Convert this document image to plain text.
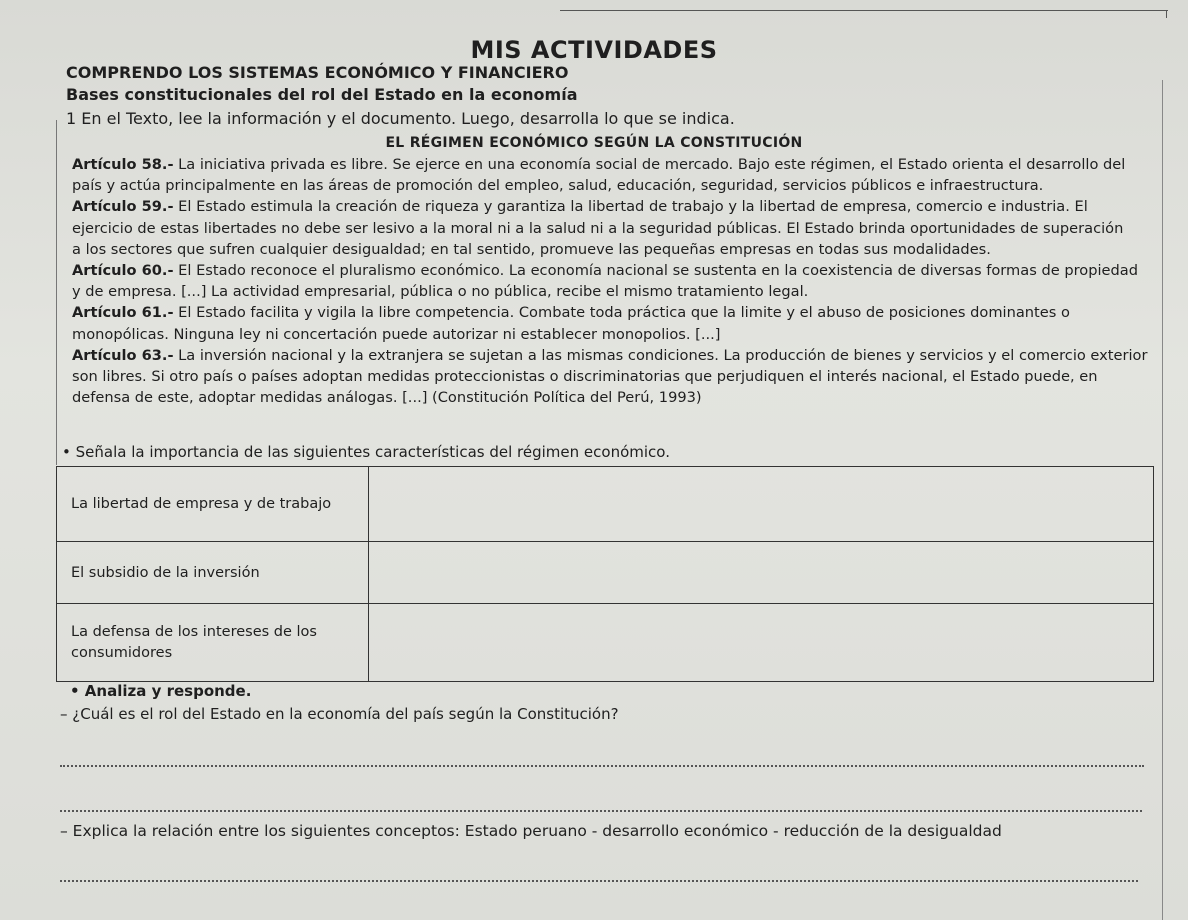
MIS ACTIVIDADES
COMPRENDO LOS SISTEMAS ECONÓMICO Y FINANCIERO
Bases constitucionales del rol del Estado en la economía
1 En el Texto, lee la información y el documento. Luego, desarrolla lo que se indica.
EL RÉGIMEN ECONÓMICO SEGÚN LA CONSTITUCIÓN

Artículo 58.- La iniciativa privada es libre. Se ejerce en una economía social de mercado. Bajo este régimen, el Estado orienta el desarrollo del

país y actúa principalmente en las áreas de promoción del empleo, salud, educación, seguridad, servicios públicos e infraestructura.

Artículo 59.- El Estado estimula la creación de riqueza y garantiza la libertad de trabajo y la libertad de empresa, comercio e industria. El

ejercicio de estas libertades no debe ser lesivo a la moral ni a la salud ni a la seguridad públicas. El Estado brinda oportunidades de superación

a los sectores que sufren cualquier desigualdad; en tal sentido, promueve las pequeñas empresas en todas sus modalidades.

Artículo 60.- El Estado reconoce el pluralismo económico. La economía nacional se sustenta en la coexistencia de diversas formas de propiedad

y de empresa. [...] La actividad empresarial, pública o no pública, recibe el mismo tratamiento legal.

Artículo 61.- El Estado facilita y vigila la libre competencia. Combate toda práctica que la limite y el abuso de posiciones dominantes o

monopólicas. Ninguna ley ni concertación puede autorizar ni establecer monopolios. [...]

Artículo 63.- La inversión nacional y la extranjera se sujetan a las mismas condiciones. La producción de bienes y servicios y el comercio exterior

son libres. Si otro país o países adoptan medidas proteccionistas o discriminatorias que perjudiquen el interés nacional, el Estado puede, en

defensa de este, adoptar medidas análogas. [...] (Constitución Política del Perú, 1993)

• Señala la importancia de las siguientes características del régimen económico.
La libertad de empresa y de trabajo
El subsidio de la inversión
La defensa de los intereses de los consumidores
• Analiza y responde.
– ¿Cuál es el rol del Estado en la economía del país según la Constitución?
– Explica la relación entre los siguientes conceptos: Estado peruano - desarrollo económico - reducción de la desigualdad
